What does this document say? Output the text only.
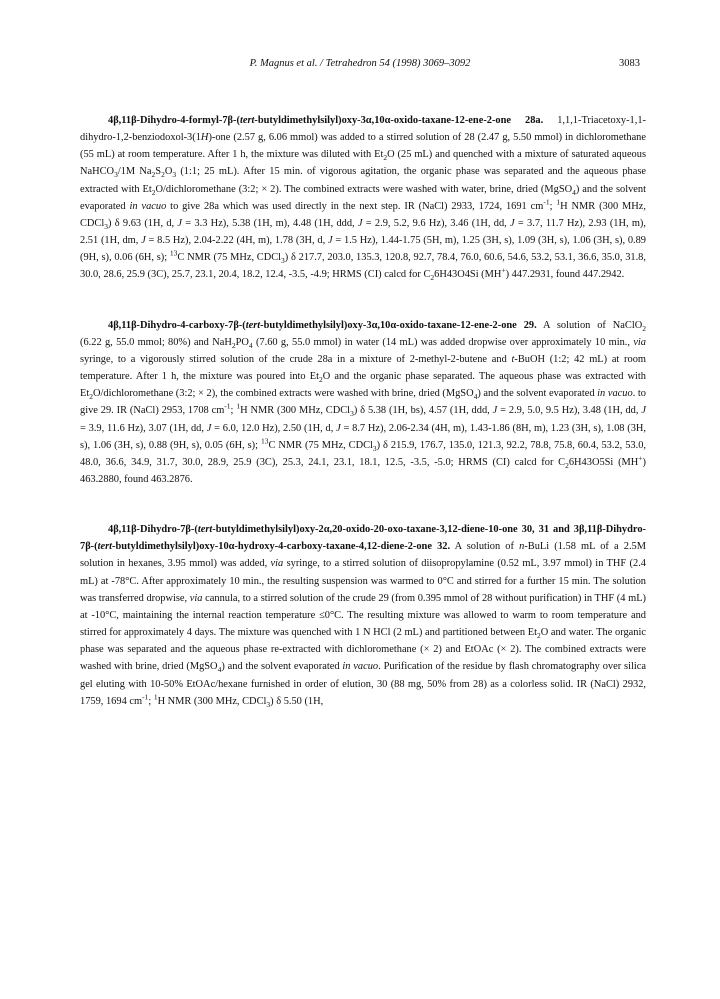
P. Magnus et al. / Tetrahedron 54 (1998) 3069–3092	3083

4β,11β-Dihydro-4-formyl-7β-(tert-butyldimethylsilyl)oxy-3α,10α-oxido-taxane-12-ene-2-one 28a. 1,1,1-Triacetoxy-1,1-dihydro-1,2-benziodoxol-3(1H)-one (2.57 g, 6.06 mmol) was added to a stirred solution of 28 (2.47 g, 5.50 mmol) in dichloromethane (55 mL) at room temperature. After 1 h, the mixture was diluted with $Et_2O$ (25 mL) and quenched with a mixture of saturated aqueous NaHCO$_3$/1M $Na_2S_2O_3$ (1:1; 25 mL). After 15 min. of vigorous agitation, the organic phase was separated and the aqueous phase extracted with $Et_2O$/dichloromethane (3:2; × 2). The combined extracts were washed with water, brine, dried (MgSO$_4$) and the solvent evaporated in vacuo to give 28a which was used directly in the next step. IR (NaCl) 2933, 1724, 1691 $cm^{-1}$; $^1$H NMR (300 MHz, CDCl$_3$) δ 9.63 (1H, d, J = 3.3 Hz), 5.38 (1H, m), 4.48 (1H, ddd, J = 2.9, 5.2, 9.6 Hz), 3.46 (1H, dd, J = 3.7, 11.7 Hz), 2.93 (1H, m), 2.51 (1H, dm, J = 8.5 Hz), 2.04-2.22 (4H, m), 1.78 (3H, d, J = 1.5 Hz), 1.44-1.75 (5H, m), 1.25 (3H, s), 1.09 (3H, s), 1.06 (3H, s), 0.89 (9H, s), 0.06 (6H, s); $^{13}$C NMR (75 MHz, CDCl$_3$) δ 217.7, 203.0, 135.3, 120.8, 92.7, 78.4, 76.0, 60.6, 54.6, 53.2, 53.1, 36.6, 35.0, 31.8, 30.0, 28.6, 25.9 (3C), 25.7, 23.1, 20.4, 18.2, 12.4, -3.5, -4.9; HRMS (CI) calcd for $C_26H43O4Si$ (MH+) 447.2931, found 447.2942.

4β,11β-Dihydro-4-carboxy-7β-(tert-butyldimethylsilyl)oxy-3α,10α-oxido-taxane-12-ene-2-one 29. A solution of NaClO$_2$ (6.22 g, 55.0 mmol; 80%) and $NaH_2PO_4$ (7.60 g, 55.0 mmol) in water (14 mL) was added dropwise over approximately 10 min., via syringe, to a vigorously stirred solution of the crude 28a in a mixture of 2-methyl-2-butene and t-BuOH (1:2; 42 mL) at room temperature. After 1 h, the mixture was poured into $Et_2O$ and the organic phase separated. The aqueous phase was extracted with $Et_2O$/dichloromethane (3:2; × 2), the combined extracts were washed with brine, dried (MgSO$_4$) and the solvent evaporated in vacuo. to give 29. IR (NaCl) 2953, 1708 $cm^{-1}$; $^1$H NMR (300 MHz, CDCl$_3$) δ 5.38 (1H, bs), 4.57 (1H, ddd, J = 2.9, 5.0, 9.5 Hz), 3.48 (1H, dd, J = 3.9, 11.6 Hz), 3.07 (1H, dd, J = 6.0, 12.0 Hz), 2.50 (1H, d, J = 8.7 Hz), 2.06-2.34 (4H, m), 1.43-1.86 (8H, m), 1.23 (3H, s), 1.08 (3H, s), 1.06 (3H, s), 0.88 (9H, s), 0.05 (6H, s); $^{13}$C NMR (75 MHz, CDCl$_3$) δ 215.9, 176.7, 135.0, 121.3, 92.2, 78.8, 75.8, 60.4, 53.2, 53.0, 48.0, 36.6, 34.9, 31.7, 30.0, 28.9, 25.9 (3C), 25.3, 24.1, 23.1, 18.1, 12.5, -3.5, -5.0; HRMS (CI) calcd for $C_26H43O5Si$ (MH+) 463.2880, found 463.2876.

4β,11β-Dihydro-7β-(tert-butyldimethylsilyl)oxy-2α,20-oxido-20-oxo-taxane-3,12-diene-10-one 30, 31 and 3β,11β-Dihydro-7β-(tert-butyldimethylsilyl)oxy-10α-hydroxy-4-carboxy-taxane-4,12-diene-2-one 32. A solution of n-BuLi (1.58 mL of a 2.5M solution in hexanes, 3.95 mmol) was added, via syringe, to a stirred solution of diisopropylamine (0.52 mL, 3.97 mmol) in THF (2.4 mL) at -78°C. After approximately 10 min., the resulting suspension was warmed to 0°C and stirred for a further 15 min. The solution was transferred dropwise, via cannula, to a stirred solution of the crude 29 (from 0.395 mmol of 28 without purification) in THF (4 mL) at -10°C, maintaining the internal reaction temperature ≤0°C. The resulting mixture was allowed to warm to room temperature and stirred for approximately 4 days. The mixture was quenched with 1 N HCl (2 mL) and partitioned between $Et_2O$ and water. The organic phase was separated and the aqueous phase re-extracted with dichloromethane (× 2) and EtOAc (× 2). The combined extracts were washed with brine, dried (MgSO$_4$) and the solvent evaporated in vacuo. Purification of the residue by flash chromatography over silica gel eluting with 10-50% EtOAc/hexane furnished in order of elution, 30 (88 mg, 50% from 28) as a colorless solid. IR (NaCl) 2932, 1759, 1694 $cm^{-1}$; $^1$H NMR (300 MHz, CDCl$_3$) δ 5.50 (1H,
